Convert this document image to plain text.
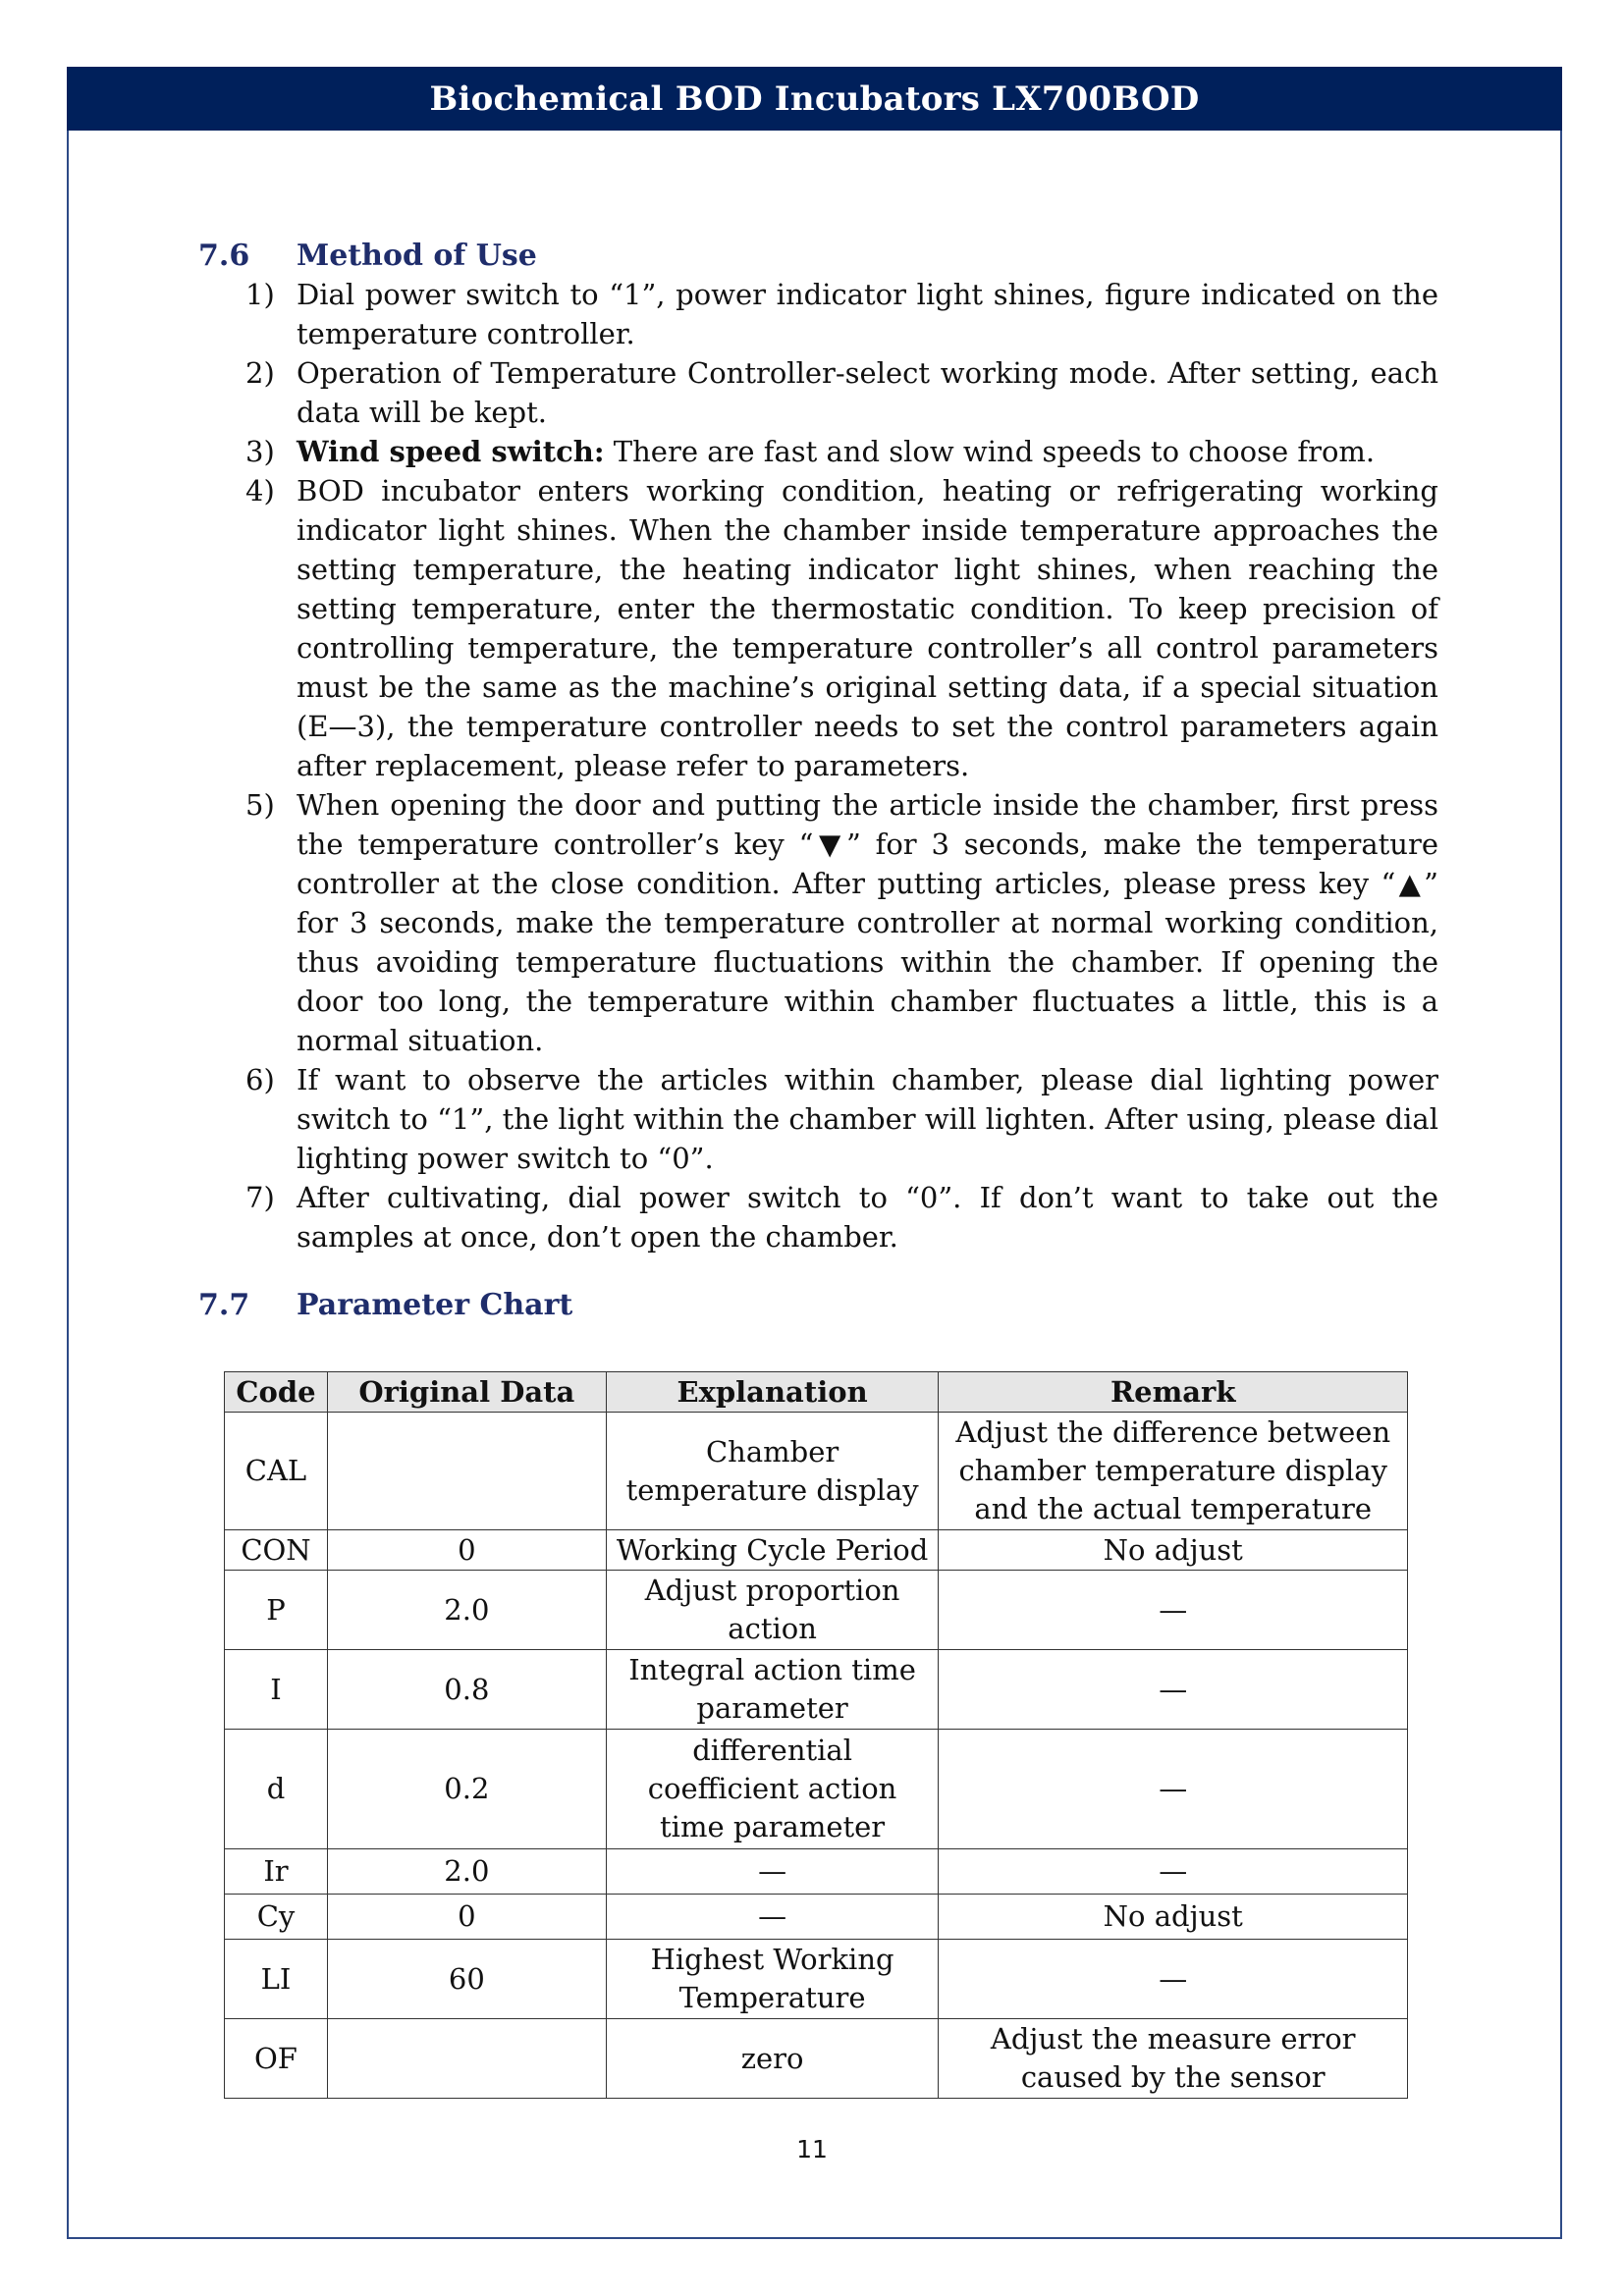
Biochemical BOD Incubators LX700BOD
7.6 Method of Use
1) Dial power switch to “1”, power indicator light shines, figure indicated on the temperature controller.
2) Operation of Temperature Controller-select working mode. After setting, each data will be kept.
3) Wind speed switch: There are fast and slow wind speeds to choose from.
4) BOD incubator enters working condition, heating or refrigerating working indicator light shines. When the chamber inside temperature approaches the setting temperature, the heating indicator light shines, when reaching the setting temperature, enter the thermostatic condition. To keep precision of controlling temperature, the temperature controller’s all control parameters must be the same as the machine’s original setting data, if a special situation (E—3), the temperature controller needs to set the control parameters again after replacement, please refer to parameters.
5) When opening the door and putting the article inside the chamber, first press the temperature controller’s key “▼” for 3 seconds, make the temperature controller at the close condition. After putting articles, please press key “▲” for 3 seconds, make the temperature controller at normal working condition, thus avoiding temperature fluctuations within the chamber. If opening the door too long, the temperature within chamber fluctuates a little, this is a normal situation.
6) If want to observe the articles within chamber, please dial lighting power switch to “1”, the light within the chamber will lighten. After using, please dial lighting power switch to “0”.
7) After cultivating, dial power switch to “0”. If don’t want to take out the samples at once, don’t open the chamber.
7.7 Parameter Chart
Code	Original Data	Explanation	Remark
CAL		Chamber temperature display	Adjust the difference between chamber temperature display and the actual temperature
CON	0	Working Cycle Period	No adjust
P	2.0	Adjust proportion action	—
I	0.8	Integral action time parameter	—
d	0.2	differential coefficient action time parameter	—
Ir	2.0	—	—
Cy	0	—	No adjust
LI	60	Highest Working Temperature	—
OF		zero	Adjust the measure error caused by the sensor
11
